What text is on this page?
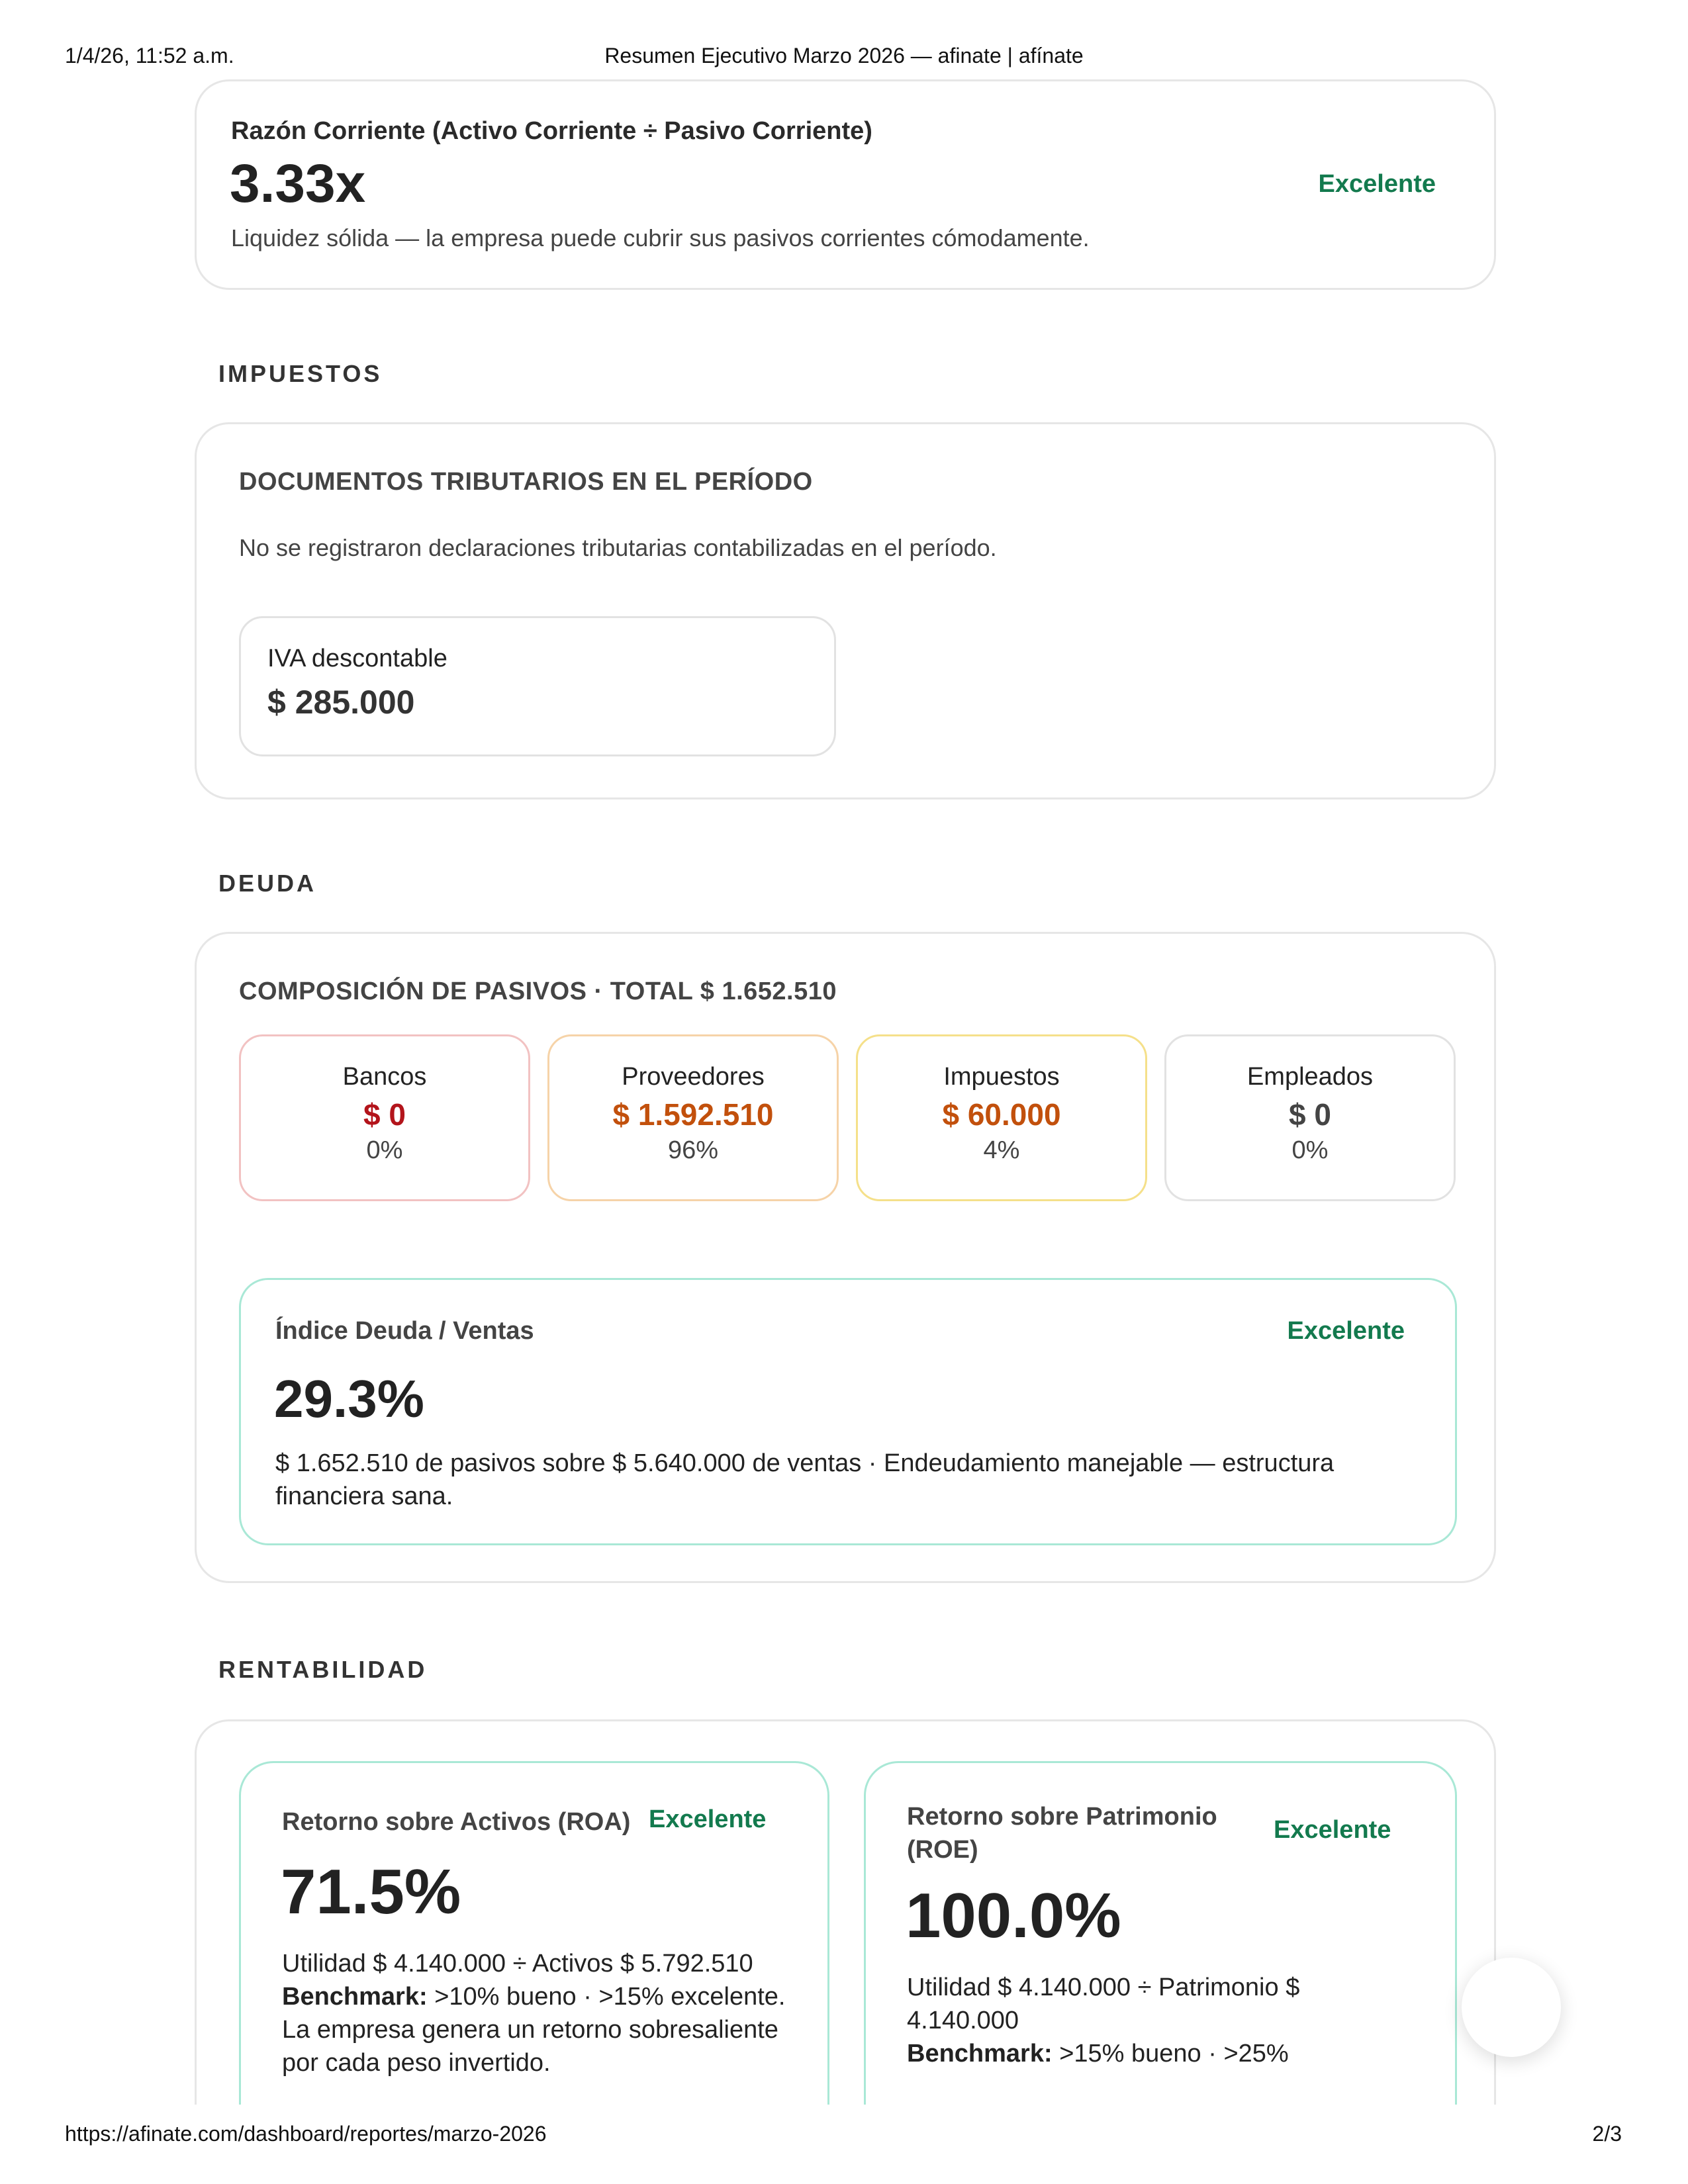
1/4/26, 11:52 a.m.	Resumen Ejecutivo Marzo 2026 — afinate | afínate
Razón Corriente (Activo Corriente ÷ Pasivo Corriente)
3.33x	Excelente
Liquidez sólida — la empresa puede cubrir sus pasivos corrientes cómodamente.
IMPUESTOS
DOCUMENTOS TRIBUTARIOS EN EL PERÍODO
No se registraron declaraciones tributarias contabilizadas en el período.
IVA descontable
$ 285.000
DEUDA
COMPOSICIÓN DE PASIVOS · TOTAL $ 1.652.510
Bancos
$ 0
0%
Proveedores
$ 1.592.510
96%
Impuestos
$ 60.000
4%
Empleados
$ 0
0%
Índice Deuda / Ventas	Excelente
29.3%
$ 1.652.510 de pasivos sobre $ 5.640.000 de ventas · Endeudamiento manejable — estructura financiera sana.
RENTABILIDAD
Retorno sobre Activos (ROA) Excelente
71.5%
Utilidad $ 4.140.000 ÷ Activos $ 5.792.510
Benchmark: >10% bueno · >15% excelente. La empresa genera un retorno sobresaliente por cada peso invertido.
Retorno sobre Patrimonio (ROE)
Excelente
100.0%
Utilidad $ 4.140.000 ÷ Patrimonio $ 4.140.000
Benchmark: >15% bueno · >25%
https://afinate.com/dashboard/reportes/marzo-2026	2/3
